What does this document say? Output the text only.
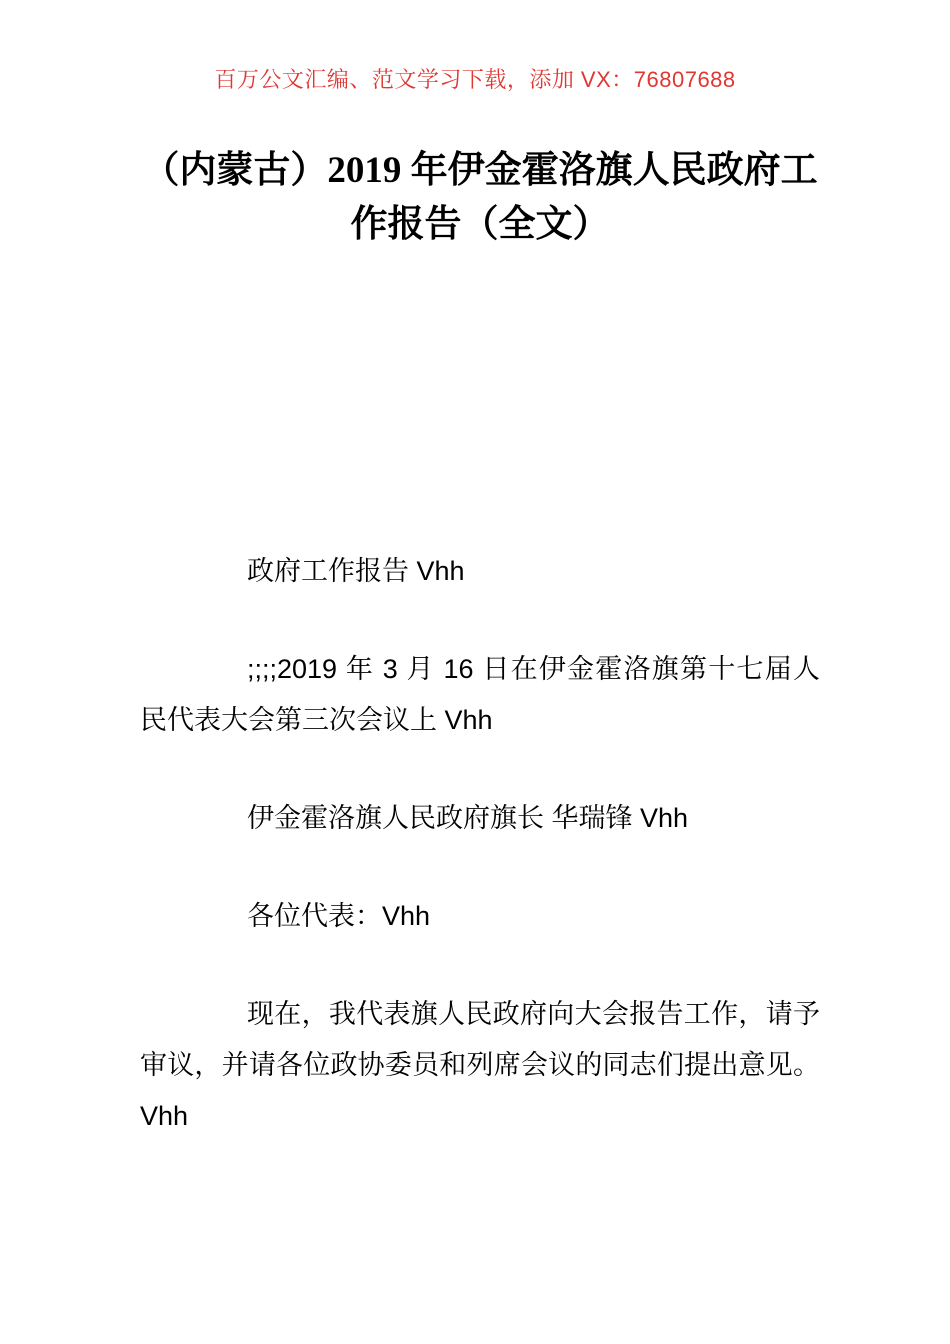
百万公文汇编、范文学习下载，添加 VX：76807688
（内蒙古）2019 年伊金霍洛旗人民政府工
作报告（全文）

政府工作报告 Vhh

;;;;2019 年 3 月 16 日在伊金霍洛旗第十七届人民代表大会第三次会议上 Vhh

伊金霍洛旗人民政府旗长 华瑞锋 Vhh

各位代表：Vhh

现在，我代表旗人民政府向大会报告工作，请予审议，并请各位政协委员和列席会议的同志们提出意见。Vhh
